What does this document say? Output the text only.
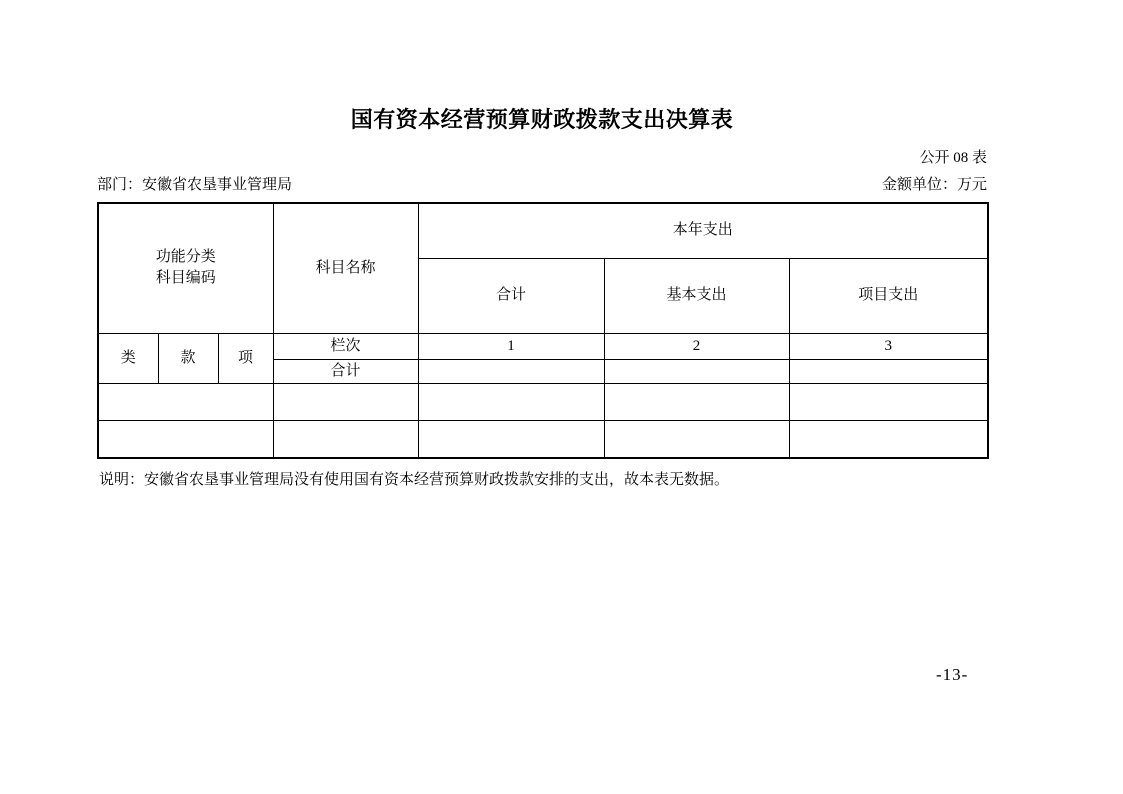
国有资本经营预算财政拨款支出决算表
公开 08 表
部门：安徽省农垦事业管理局	金额单位：万元
功能分类
科目编码			科目名称	本年支出		
				合计	基本支出	项目支出
类	款	项	栏次	1	2	3
			合计			

说明：安徽省农垦事业管理局没有使用国有资本经营预算财政拨款安排的支出，故本表无数据。
-13-
